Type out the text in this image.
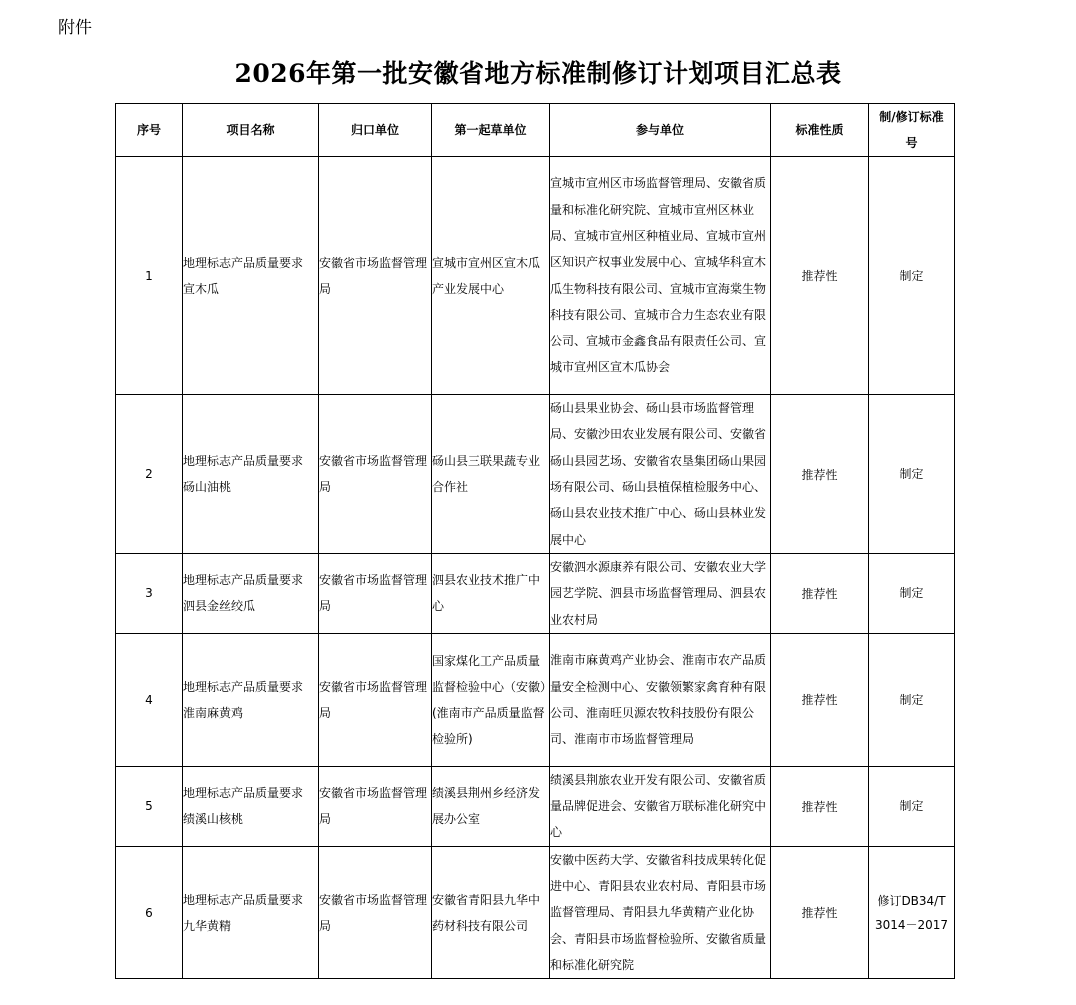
附件
2026年第一批安徽省地方标准制修订计划项目汇总表
序号	项目名称	归口单位	第一起草单位	参与单位	标准性质	制/修订标准号
1	地理标志产品质量要求　宣木瓜	安徽省市场监督管理局	宣城市宣州区宣木瓜产业发展中心	宣城市宣州区市场监督管理局、安徽省质量和标准化研究院、宣城市宣州区林业局、宣城市宣州区种植业局、宣城市宣州区知识产权事业发展中心、宣城华科宣木瓜生物科技有限公司、宣城市宣海棠生物科技有限公司、宣城市合力生态农业有限公司、宣城市金鑫食品有限责任公司、宣城市宣州区宣木瓜协会	推荐性	制定
2	地理标志产品质量要求　砀山油桃	安徽省市场监督管理局	砀山县三联果蔬专业合作社	砀山县果业协会、砀山县市场监督管理局、安徽沙田农业发展有限公司、安徽省砀山县园艺场、安徽省农垦集团砀山果园场有限公司、砀山县植保植检服务中心、砀山县农业技术推广中心、砀山县林业发展中心	推荐性	制定
3	地理标志产品质量要求　泗县金丝绞瓜	安徽省市场监督管理局	泗县农业技术推广中心	安徽泗水源康养有限公司、安徽农业大学园艺学院、泗县市场监督管理局、泗县农业农村局	推荐性	制定
4	地理标志产品质量要求　淮南麻黄鸡	安徽省市场监督管理局	国家煤化工产品质量监督检验中心（安徽）(淮南市产品质量监督检验所)	淮南市麻黄鸡产业协会、淮南市农产品质量安全检测中心、安徽领繁家禽育种有限公司、淮南旺贝源农牧科技股份有限公司、淮南市市场监督管理局	推荐性	制定
5	地理标志产品质量要求　绩溪山核桃	安徽省市场监督管理局	绩溪县荆州乡经济发展办公室	绩溪县荆旅农业开发有限公司、安徽省质量品牌促进会、安徽省万联标准化研究中心	推荐性	制定
6	地理标志产品质量要求　九华黄精	安徽省市场监督管理局	安徽省青阳县九华中药材科技有限公司	安徽中医药大学、安徽省科技成果转化促进中心、青阳县农业农村局、青阳县市场监督管理局、青阳县九华黄精产业化协会、青阳县市场监督检验所、安徽省质量和标准化研究院	推荐性	修订DB34/T 3014－2017
